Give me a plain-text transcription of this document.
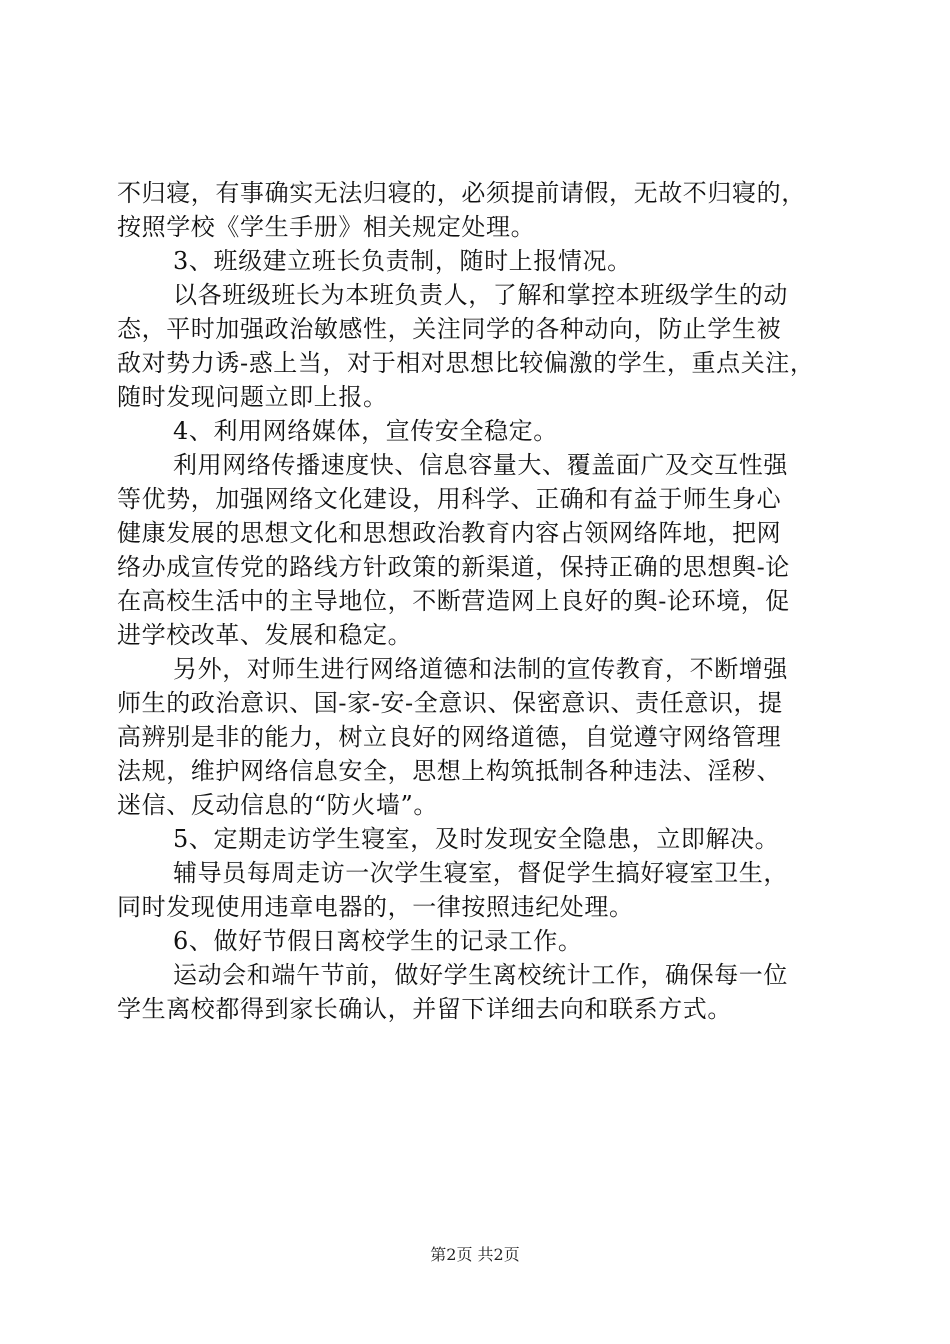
不归寝，有事确实无法归寝的，必须提前请假，无故不归寝的，
按照学校《学生手册》相关规定处理。
3、班级建立班长负责制，随时上报情况。
以各班级班长为本班负责人，了解和掌控本班级学生的动
态，平时加强政治敏感性，关注同学的各种动向，防止学生被
敌对势力诱-惑上当，对于相对思想比较偏激的学生，重点关注，
随时发现问题立即上报。
4、利用网络媒体，宣传安全稳定。
利用网络传播速度快、信息容量大、覆盖面广及交互性强
等优势，加强网络文化建设，用科学、正确和有益于师生身心
健康发展的思想文化和思想政治教育内容占领网络阵地，把网
络办成宣传党的路线方针政策的新渠道，保持正确的思想舆-论
在高校生活中的主导地位，不断营造网上良好的舆-论环境，促
进学校改革、发展和稳定。
另外，对师生进行网络道德和法制的宣传教育，不断增强
师生的政治意识、国-家-安-全意识、保密意识、责任意识，提
高辨别是非的能力，树立良好的网络道德，自觉遵守网络管理
法规，维护网络信息安全，思想上构筑抵制各种违法、淫秽、
迷信、反动信息的“防火墙”。
5、定期走访学生寝室，及时发现安全隐患，立即解决。
辅导员每周走访一次学生寝室，督促学生搞好寝室卫生，
同时发现使用违章电器的，一律按照违纪处理。
6、做好节假日离校学生的记录工作。
运动会和端午节前，做好学生离校统计工作，确保每一位
学生离校都得到家长确认，并留下详细去向和联系方式。
第2页 共2页
